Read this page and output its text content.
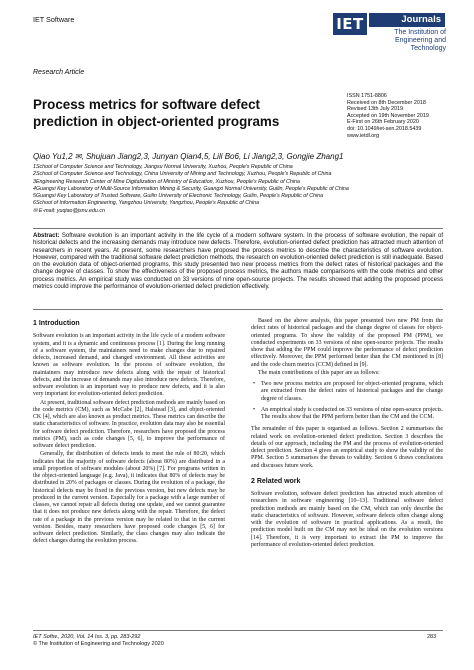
IET Software
Research Article
IET	Journals
The Institution of
Engineering and Technology
Process metrics for software defect
prediction in object-oriented programs
ISSN 1751-8806
Received on 8th December 2018
Revised 13th July 2019
Accepted on 19th November 2019
E-First on 26th February 2020
doi: 10.1049/iet-sen.2018.5439
www.ietdl.org
Qiao Yu1,2 ✉, Shujuan Jiang2,3, Junyan Qian4,5, Lili Bo6, Li Jiang2,3, Gongjie Zhang1
1School of Computer Science and Technology, Jiangsu Normal University, Xuzhou, People's Republic of China
2School of Computer Science and Technology, China University of Mining and Technology, Xuzhou, People's Republic of China
3Engineering Research Center of Mine Digitalization of Ministry of Education, Xuzhou, People's Republic of China
4Guangxi Key Laboratory of Multi-Source Information Mining & Security, Guangxi Normal University, Guilin, People's Republic of China
5Guangxi Key Laboratory of Trusted Software, Guilin University of Electronic Technology, Guilin, People's Republic of China
6School of Information Engineering, Yangzhou University, Yangzhou, People's Republic of China
✉ E-mail: yuqiao@jsnu.edu.cn
Abstract: Software evolution is an important activity in the life cycle of a modern software system. In the process of software evolution, the repair of historical defects and the increasing demands may introduce new defects. Therefore, evolution-oriented defect prediction has attracted much attention of researchers in recent years. At present, some researchers have proposed the process metrics to describe the characteristics of software evolution. However, compared with the traditional software defect prediction methods, the research on evolution-oriented defect prediction is still inadequate. Based on the evolution data of object-oriented programs, this study presented two new process metrics from the defect rates of historical packages and the change degree of classes. To show the effectiveness of the proposed process metrics, the authors made comparisons with the code metrics and other process metrics. An empirical study was conducted on 33 versions of nine open-source projects. The results showed that adding the proposed process metrics could improve the performance of evolution-oriented defect prediction effectively.
1 Introduction

Software evolution is an important activity in the life cycle of a modern software system, and it is a dynamic and continuous process [1]. During the long running of a software system, the maintainers need to make changes due to repaired defects, increased demand, and changed environment. All these activities are known as software evolution. In the process of software evolution, the maintainers may introduce new defects along with the repair of historical defects, and the increase of demands may also introduce new defects. Therefore, software evolution is an important way to produce new defects, and it is also very important for evolution-oriented defect prediction.

At present, traditional software defect prediction methods are mainly based on the code metrics (CM), such as McCabe [2], Halstead [3], and object-oriented CK [4], which are also known as product metrics. These metrics can describe the static characteristics of software. In practice, evolution data may also be essential for software defect prediction. Therefore, researchers have proposed the process metrics (PM), such as code changes [5, 6], to improve the performance of software defect prediction.

Generally, the distribution of defects tends to meet the rule of 80:20, which indicates that the majority of software defects (about 80%) are distributed in a small proportion of software modules (about 20%) [7]. For programs written in the object-oriented language (e.g. Java), it indicates that 80% of defects may be distributed in 20% of packages or classes. During the evolution of a package, the historical defects may be fixed in the previous version, but new defects may be produced in the current version. Especially for a package with a large number of classes, we cannot repair all defects during one update, and we cannot guarantee that it does not produce new defects along with the repair. Therefore, the defect rate of a package in the previous version may be related to that in the current version. Besides, many researchers have proposed code changes [5, 6] for software defect prediction. Similarly, the class changes may also indicate the defect changes during the evolution process.

Based on the above analysis, this paper presented two new PM from the defect rates of historical packages and the change degree of classes for object-oriented programs. To show the validity of the proposed PM (PPM), we conducted experiments on 33 versions of nine open-source projects. The results show that adding the PPM could improve the performance of defect prediction effectively. Moreover, the PPM performed better than the CM mentioned in [8] and the code churn metrics (CCM) defined in [9].

The main contributions of this paper are as follows:

• Two new process metrics are proposed for object-oriented programs, which are extracted from the defect rates of historical packages and the change degree of classes.
• An empirical study is conducted on 33 versions of nine open-source projects. The results show that the PPM perform better than the CM and the CCM.

The remainder of this paper is organised as follows. Section 2 summarises the related work on evolution-oriented defect prediction. Section 3 describes the details of our approach, including the PM and the process of evolution-oriented defect prediction. Section 4 gives an empirical study to show the validity of the PPM. Section 5 summarises the threats to validity. Section 6 draws conclusions and discusses future work.

2 Related work

Software evolution, software defect prediction has attracted much attention of researchers in software engineering [10–13]. Traditional software defect prediction methods are mainly based on the CM, which can only describe the static characteristics of software. However, software defects often change along with the evolution of software in practical applications. As a result, the prediction model built on the CM may not be ideal on the evolution versions [14]. Therefore, it is very important to extract the PM to improve the performance of evolution-oriented defect prediction.

IET Softw., 2020, Vol. 14 Iss. 3, pp. 283-292
© The Institution of Engineering and Technology 2020
283
